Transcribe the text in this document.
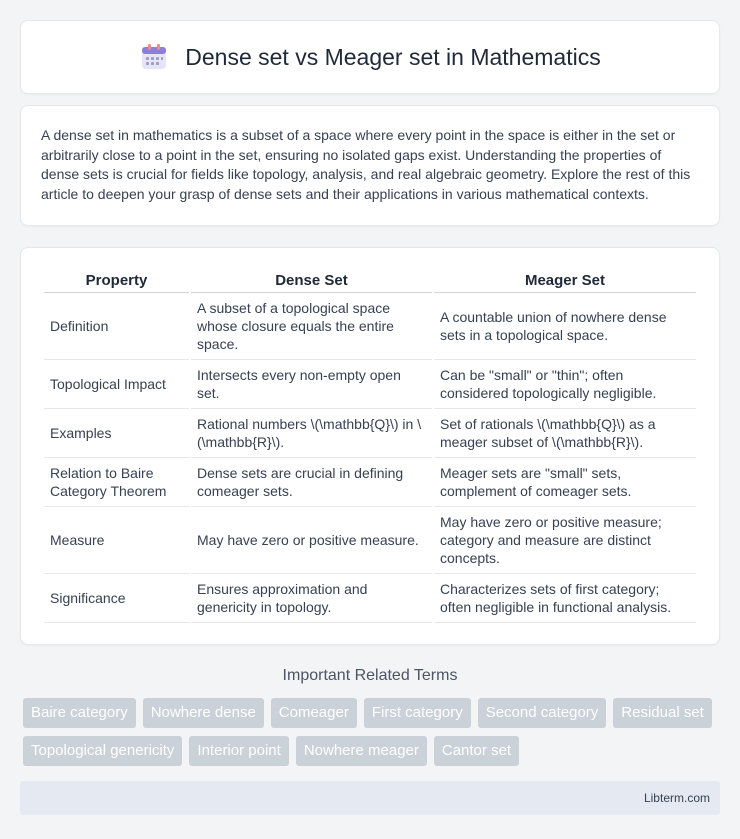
Dense set vs Meager set in Mathematics
A dense set in mathematics is a subset of a space where every point in the space is either in the set or arbitrarily close to a point in the set, ensuring no isolated gaps exist. Understanding the properties of dense sets is crucial for fields like topology, analysis, and real algebraic geometry. Explore the rest of this article to deepen your grasp of dense sets and their applications in various mathematical contexts.
Property	Dense Set	Meager Set
Definition	A subset of a topological space whose closure equals the entire space.	A countable union of nowhere dense sets in a topological space.
Topological Impact	Intersects every non-empty open set.	Can be "small" or "thin"; often considered topologically negligible.
Examples	Rational numbers \(\mathbb{Q}\) in \(\mathbb{R}\).	Set of rationals \(\mathbb{Q}\) as a meager subset of \(\mathbb{R}\).
Relation to Baire Category Theorem	Dense sets are crucial in defining comeager sets.	Meager sets are "small" sets, complement of comeager sets.
Measure	May have zero or positive measure.	May have zero or positive measure; category and measure are distinct concepts.
Significance	Ensures approximation and genericity in topology.	Characterizes sets of first category; often negligible in functional analysis.
Important Related Terms
Baire category	Nowhere dense	Comeager	First category	Second category	Residual set
Topological genericity	Interior point	Nowhere meager	Cantor set
Libterm.com
